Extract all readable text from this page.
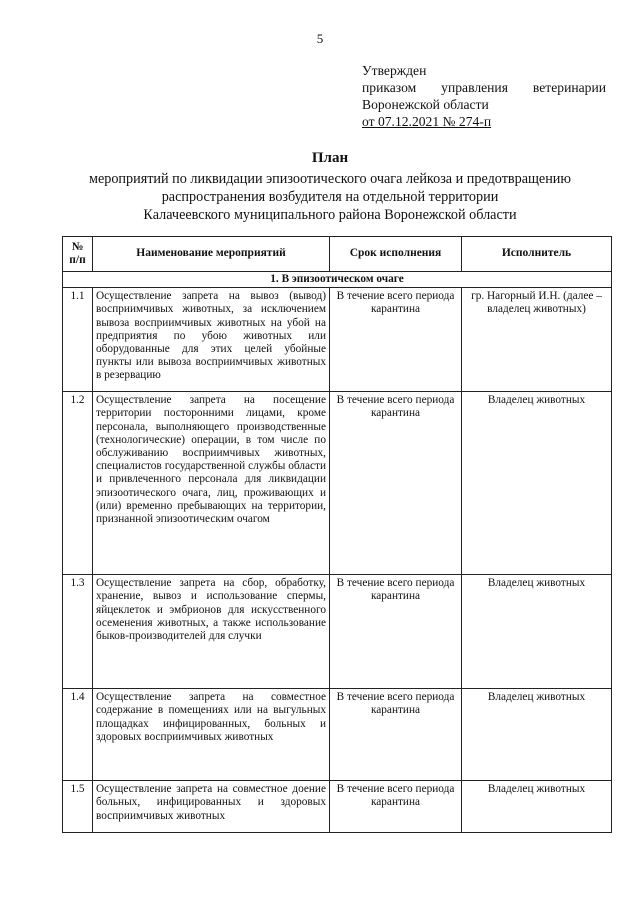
5
Утвержден
приказом управления ветеринарии
Воронежской области
от 07.12.2021 № 274-п
План
мероприятий по ликвидации эпизоотического очага лейкоза и предотвращению
распространения возбудителя на отдельной территории
Калачеевского муниципального района Воронежской области
№ п/п	Наименование мероприятий	Срок исполнения	Исполнитель
1. В эпизоотическом очаге			
1.1	Осуществление запрета на вывоз (вывод) восприимчивых животных, за исключением вывоза восприимчивых животных на убой на предприятия по убою животных или оборудованные для этих целей убойные пункты или вывоза восприимчивых животных в резервацию	В течение всего периода карантина	гр. Нагорный И.Н. (далее – владелец животных)
1.2	Осуществление запрета на посещение территории посторонними лицами, кроме персонала, выполняющего производственные (технологические) операции, в том числе по обслуживанию восприимчивых животных, специалистов государственной службы области и привлеченного персонала для ликвидации эпизоотического очага, лиц, проживающих и (или) временно пребывающих на территории, признанной эпизоотическим очагом	В течение всего периода карантина	Владелец животных
1.3	Осуществление запрета на сбор, обработку, хранение, вывоз и использование спермы, яйцеклеток и эмбрионов для искусственного осеменения животных, а также использование быков-производителей для случки	В течение всего периода карантина	Владелец животных
1.4	Осуществление запрета на совместное содержание в помещениях или на выгульных площадках инфицированных, больных и здоровых восприимчивых животных	В течение всего периода карантина	Владелец животных
1.5	Осуществление запрета на совместное доение больных, инфицированных и здоровых восприимчивых животных	В течение всего периода карантина	Владелец животных
